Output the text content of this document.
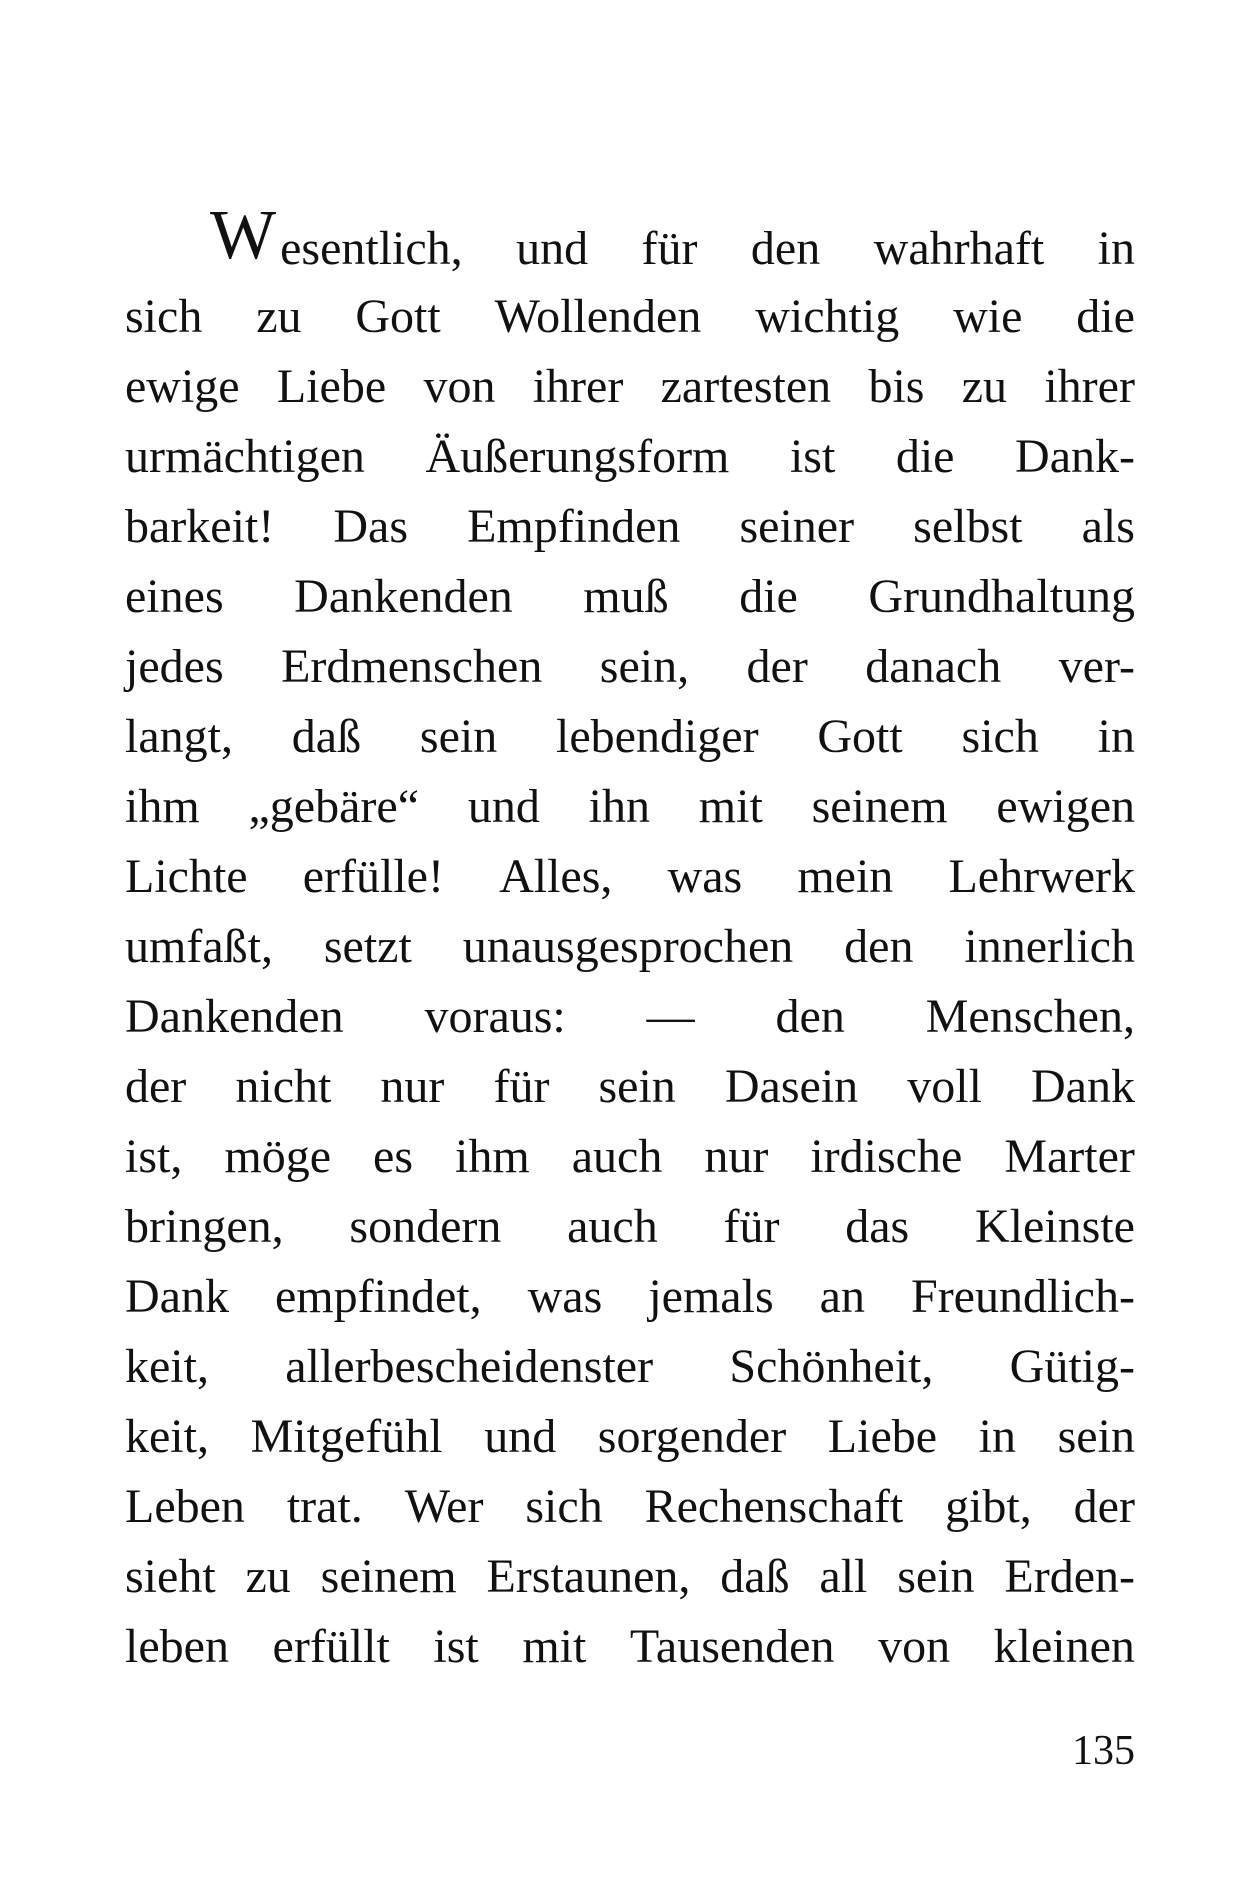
W esentlich, und für den wahrhaft in
sich zu Gott Wollenden wichtig wie die
ewige Liebe von ihrer zartesten bis zu ihrer
urmächtigen Äußerungsform ist die Dank-
barkeit! Das Empfinden seiner selbst als
eines Dankenden muß die Grundhaltung
jedes Erdmenschen sein, der danach ver-
langt, daß sein lebendiger Gott sich in
ihm „gebäre“ und ihn mit seinem ewigen
Lichte erfülle! Alles, was mein Lehrwerk
umfaßt, setzt unausgesprochen den innerlich
Dankenden voraus: — den Menschen,
der nicht nur für sein Dasein voll Dank
ist, möge es ihm auch nur irdische Marter
bringen, sondern auch für das Kleinste
Dank empfindet, was jemals an Freundlich-
keit, allerbescheidenster Schönheit, Gütig-
keit, Mitgefühl und sorgender Liebe in sein
Leben trat. Wer sich Rechenschaft gibt, der
sieht zu seinem Erstaunen, daß all sein Erden-
leben erfüllt ist mit Tausenden von kleinen
135
